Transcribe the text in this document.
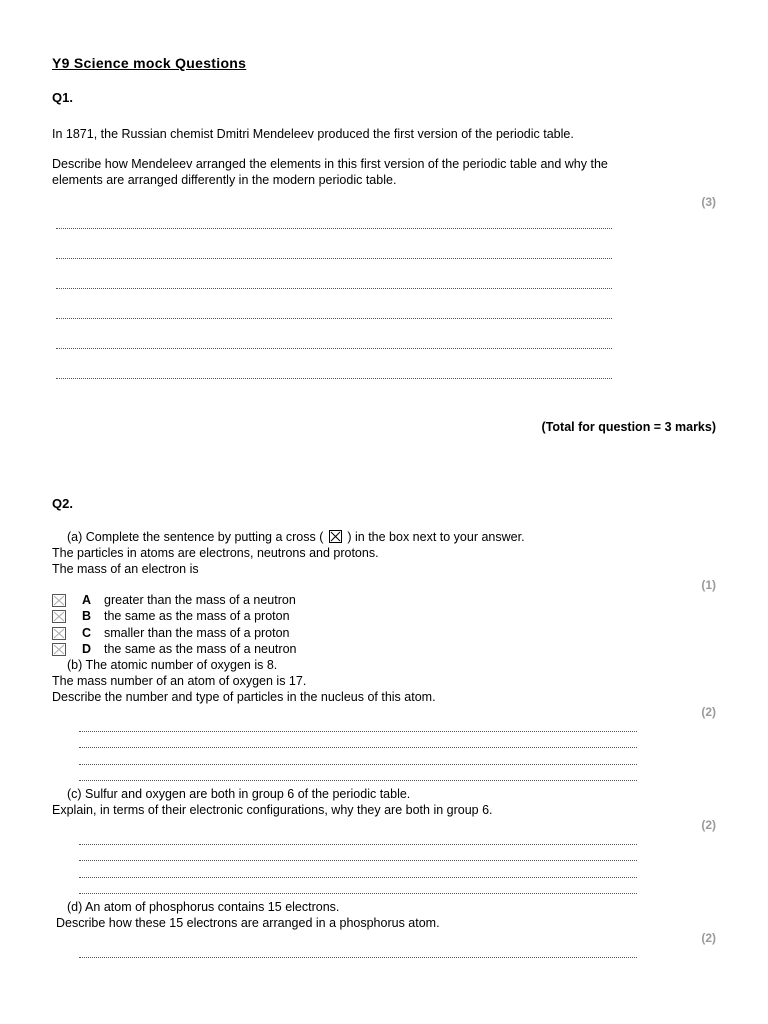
Y9 Science mock Questions
Q1.
In 1871, the Russian chemist Dmitri Mendeleev produced the first version of the periodic table.
Describe how Mendeleev arranged the elements in this first version of the periodic table and why the
elements are arranged differently in the modern periodic table.
(3)
(Total for question = 3 marks)
Q2.
(a) Complete the sentence by putting a cross ( ☒ ) in the box next to your answer.
The particles in atoms are electrons, neutrons and protons.
The mass of an electron is
(1)
A greater than the mass of a neutron
B the same as the mass of a proton
C smaller than the mass of a proton
D the same as the mass of a neutron
(b) The atomic number of oxygen is 8.
The mass number of an atom of oxygen is 17.
Describe the number and type of particles in the nucleus of this atom.
(2)
(c) Sulfur and oxygen are both in group 6 of the periodic table.
Explain, in terms of their electronic configurations, why they are both in group 6.
(2)
(d) An atom of phosphorus contains 15 electrons.
Describe how these 15 electrons are arranged in a phosphorus atom.
(2)
